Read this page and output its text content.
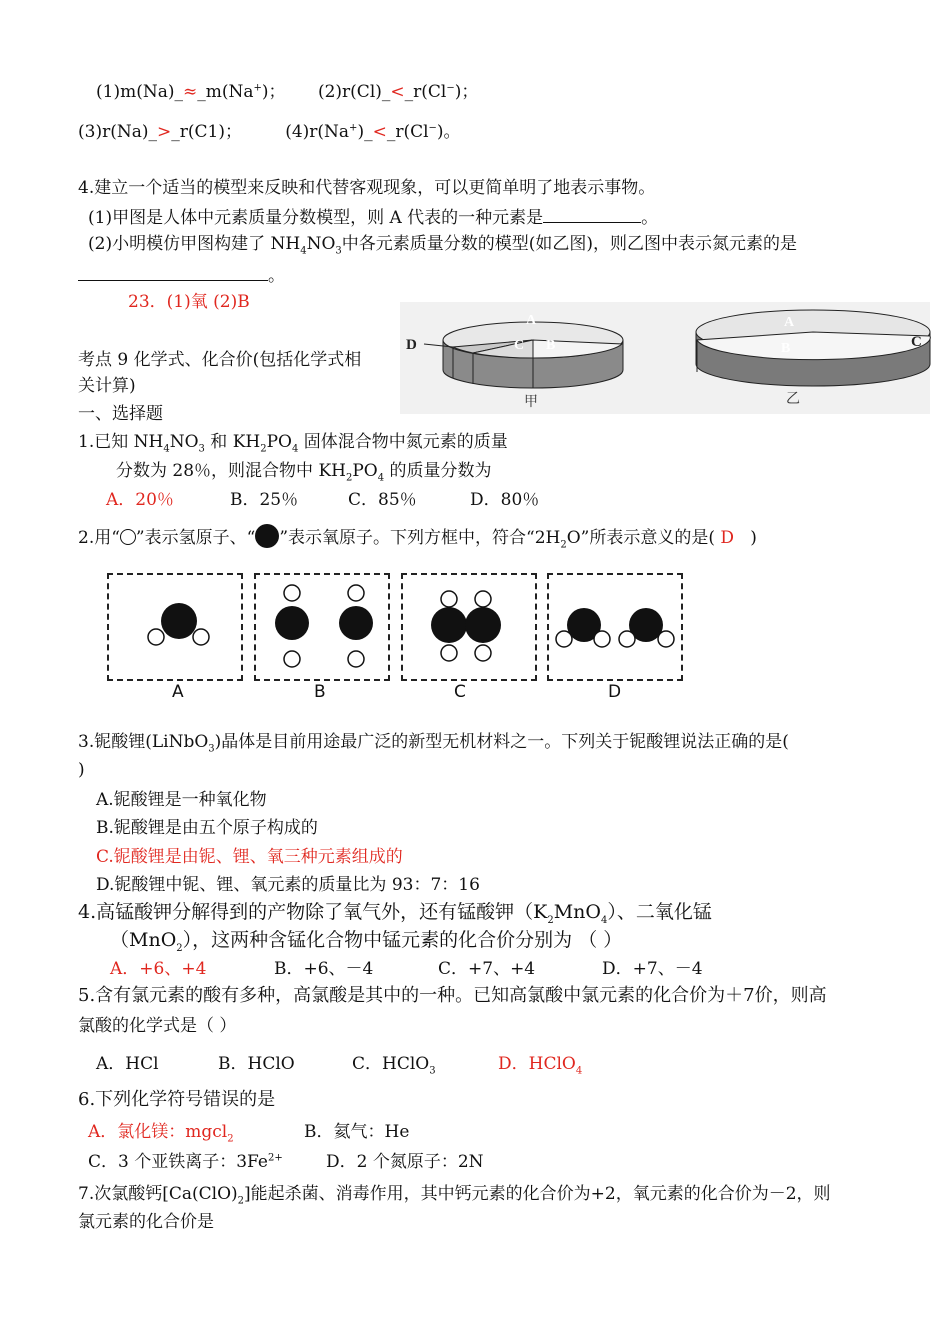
(1)m(Na)_≈_m(Na+)； (2)r(Cl)_<_r(Cl−)；
(3)r(Na)_>_r(C1)；	(4)r(Na+)_<_r(Cl−)。
4.建立一个适当的模型来反映和代替客观现象，可以更简单明了地表示事物。
(1)甲图是人体中元素质量分数模型，则 A 代表的一种元素是	。
(2)小明模仿甲图构建了 $NH_4NO_3$中各元素质量分数的模型(如乙图)，则乙图中表示氮元素的是
。
23．(1)氧 (2)B
A
C B
D
甲
A
B	C
乙
考点 9 化学式、化合价(包括化学式相
关计算)
一、选择题
1.已知 $NH_4NO_3$ 和 $KH_2PO_4$ 固体混合物中氮元素的质量
分数为 28％，则混合物中 $KH_2PO_4$ 的质量分数为
A．20％	B．25％	C．85％	D．80％
2.用“ ”表示氢原子、“ ”表示氧原子。下列方框中，符合“$2H_2O$”所表示意义的是( D )
A	B	C	D
3.铌酸锂(LiNbO$_3$)晶体是目前用途最广泛的新型无机材料之一。下列关于铌酸锂说法正确的是(
)
A.铌酸锂是一种氧化物
B.铌酸锂是由五个原子构成的
C.铌酸锂是由铌、锂、氧三种元素组成的
D.铌酸锂中铌、锂、氧元素的质量比为 93：7：16
4.高锰酸钾分解得到的产物除了氧气外，还有锰酸钾$(K_2MnO_4)$、二氧化锰
（MnO$_2$），这两种含锰化合物中锰元素的化合价分别为 （ ）
A．+6、+4	B．+6、－4	C．+7、+4	D．+7、－4
5.含有氯元素的酸有多种，高氯酸是其中的一种。已知高氯酸中氯元素的化合价为＋7价，则高
氯酸的化学式是（ ）
A．HCl	B．HClO	C．HClO$_3$	D．HClO$_4$
6.下列化学符号错误的是
A．氯化镁：mgcl$_2$	B．氦气：He
C．3 个亚铁离子：$3Fe^{2+}$	D．2 个氮原子：2N
7.次氯酸钙$[Ca(ClO)_2]$能起杀菌、消毒作用，其中钙元素的化合价为+2，氧元素的化合价为－2，则
氯元素的化合价是
